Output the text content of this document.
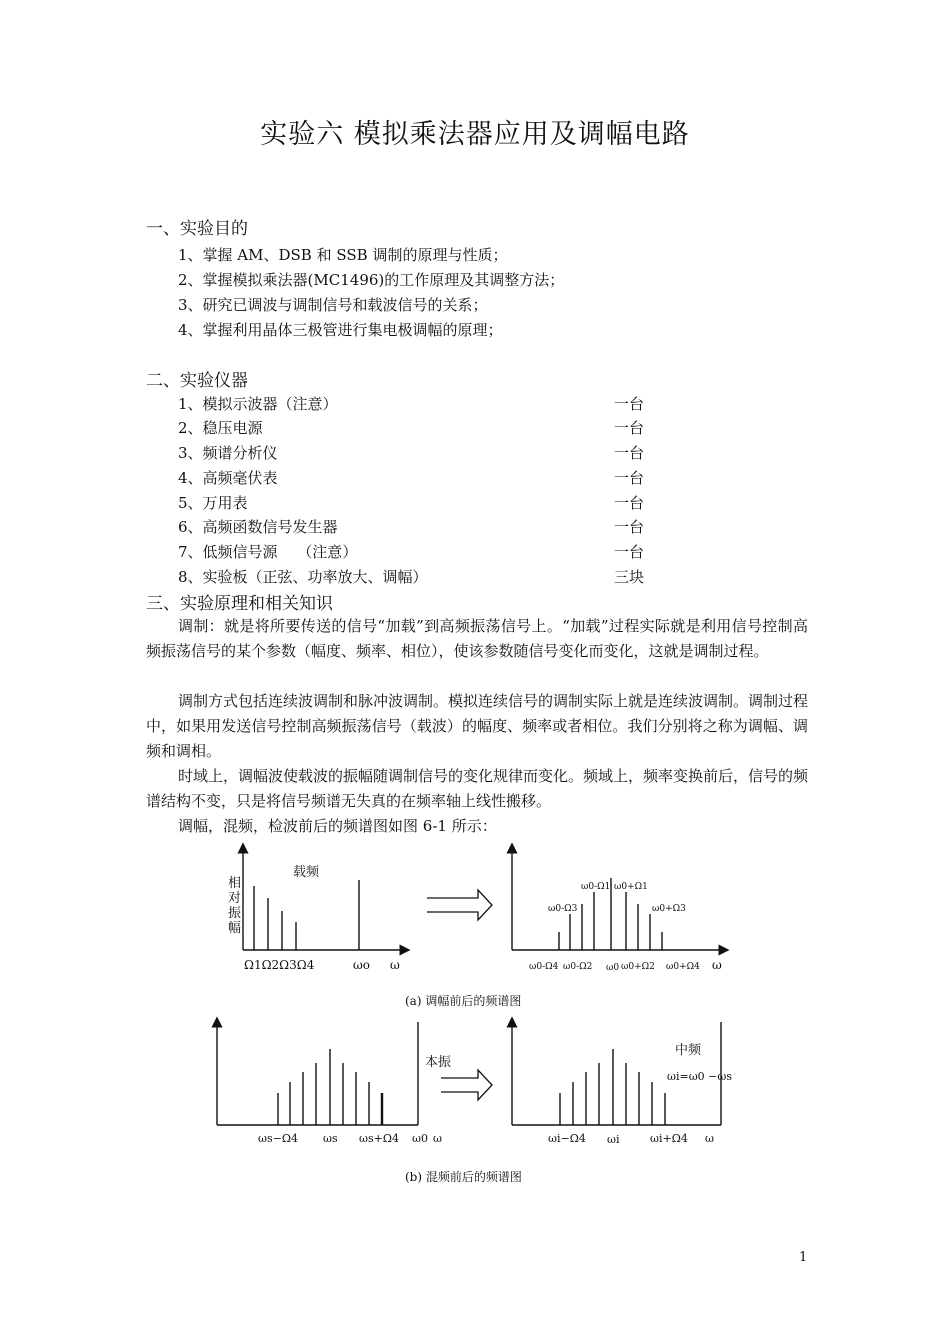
实验六 模拟乘法器应用及调幅电路
一、实验目的
1、掌握 AM、DSB 和 SSB 调制的原理与性质；
2、掌握模拟乘法器(MC1496)的工作原理及其调整方法；
3、研究已调波与调制信号和载波信号的关系；
4、掌握利用晶体三极管进行集电极调幅的原理；
二、实验仪器
1、模拟示波器（注意）	一台
2、稳压电源	一台
3、频谱分析仪	一台
4、高频毫伏表	一台
5、万用表	一台
6、高频函数信号发生器	一台
7、低频信号源　 （注意）	一台
8、实验板（正弦、功率放大、调幅）	三块
三、实验原理和相关知识
调制：就是将所要传送的信号“加载”到高频振荡信号上。“加载”过程实际就是利用信号控制高频振荡信号的某个参数（幅度、频率、相位），使该参数随信号变化而变化，这就是调制过程。
调制方式包括连续波调制和脉冲波调制。模拟连续信号的调制实际上就是连续波调制。调制过程中，如果用发送信号控制高频振荡信号（载波）的幅度、频率或者相位。我们分别将之称为调幅、调频和调相。
时域上，调幅波使载波的振幅随调制信号的变化规律而变化。频域上，频率变换前后，信号的频谱结构不变，只是将信号频谱无失真的在频率轴上线性搬移。
调幅，混频，检波前后的频谱图如图 6-1 所示：
相
对
振
幅
载频
Ω1Ω2Ω3Ω4	ωo ω
ω0-Ω1 ω0+Ω1
ω0-Ω3	ω0+Ω3
ω0-Ω4 ω0-Ω2 ω0 ω0+Ω2 ω0+Ω4 ω
(a) 调幅前后的频谱图
本振
ωs−Ω4 ωs ωs+Ω4 ω0 ω
中频
ωi=ω0 −ωs
ωi−Ω4 ωi	ωi+Ω4 ω
(b) 混频前后的频谱图
1
